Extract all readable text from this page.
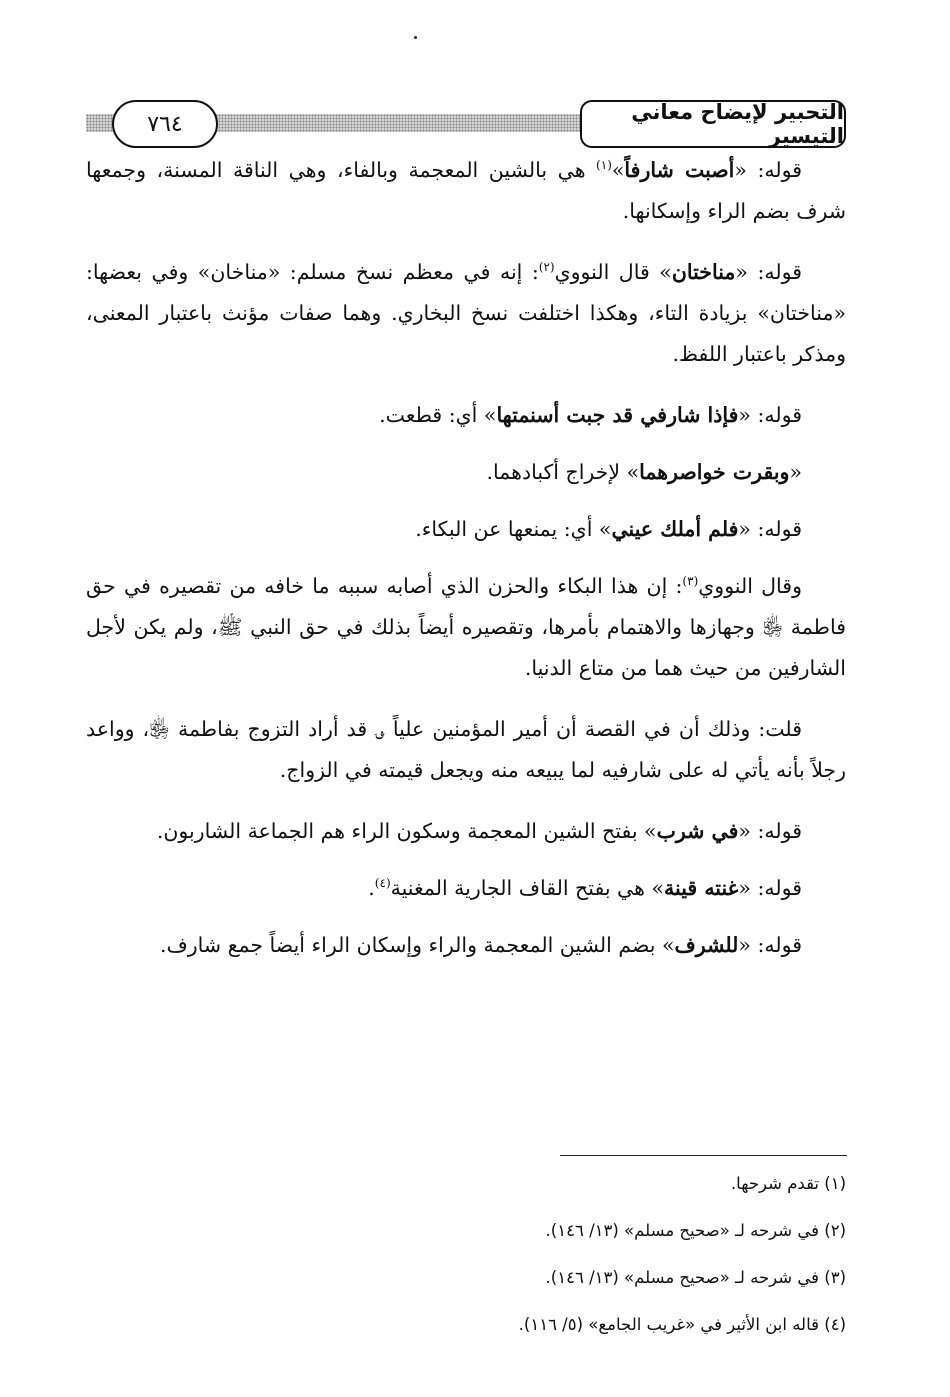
التحبير لإيضاح معاني التيسير
٧٦٤

قوله: «أصبت شارفاً»$^{(١)}$ هي بالشين المعجمة وبالفاء، وهي الناقة المسنة، وجمعها شرف بضم الراء وإسكانها.

قوله: «مناختان» قال النووي$^{(٢)}$: إنه في معظم نسخ مسلم: «مناخان» وفي بعضها: «مناختان» بزيادة التاء، وهكذا اختلفت نسخ البخاري. وهما صفات مؤنث باعتبار المعنى، ومذكر باعتبار اللفظ.

قوله: «فإذا شارفي قد جبت أسنمتها» أي: قطعت.

«وبقرت خواصرهما» لإخراج أكبادهما.

قوله: «فلم أملك عيني» أي: يمنعها عن البكاء.

وقال النووي$^{(٣)}$: إن هذا البكاء والحزن الذي أصابه سببه ما خافه من تقصيره في حق فاطمة ﵂ وجهازها والاهتمام بأمرها، وتقصيره أيضاً بذلك في حق النبي ﷺ، ولم يكن لأجل الشارفين من حيث هما من متاع الدنيا.

قلت: وذلك أن في القصة أن أمير المؤمنين علياً ؈ قد أراد التزوج بفاطمة ﵂، وواعد رجلاً بأنه يأتي له على شارفيه لما يبيعه منه ويجعل قيمته في الزواج.

قوله: «في شرب» بفتح الشين المعجمة وسكون الراء هم الجماعة الشاربون.

قوله: «غنته قينة» هي بفتح القاف الجارية المغنية$^{(٤)}$.

قوله: «للشرف» بضم الشين المعجمة والراء وإسكان الراء أيضاً جمع شارف.

(١) تقدم شرحها.

(٢) في شرحه لـ «صحيح مسلم» (١٣/ ١٤٦).

(٣) في شرحه لـ «صحيح مسلم» (١٣/ ١٤٦).

(٤) قاله ابن الأثير في «غريب الجامع» (٥/ ١١٦).
